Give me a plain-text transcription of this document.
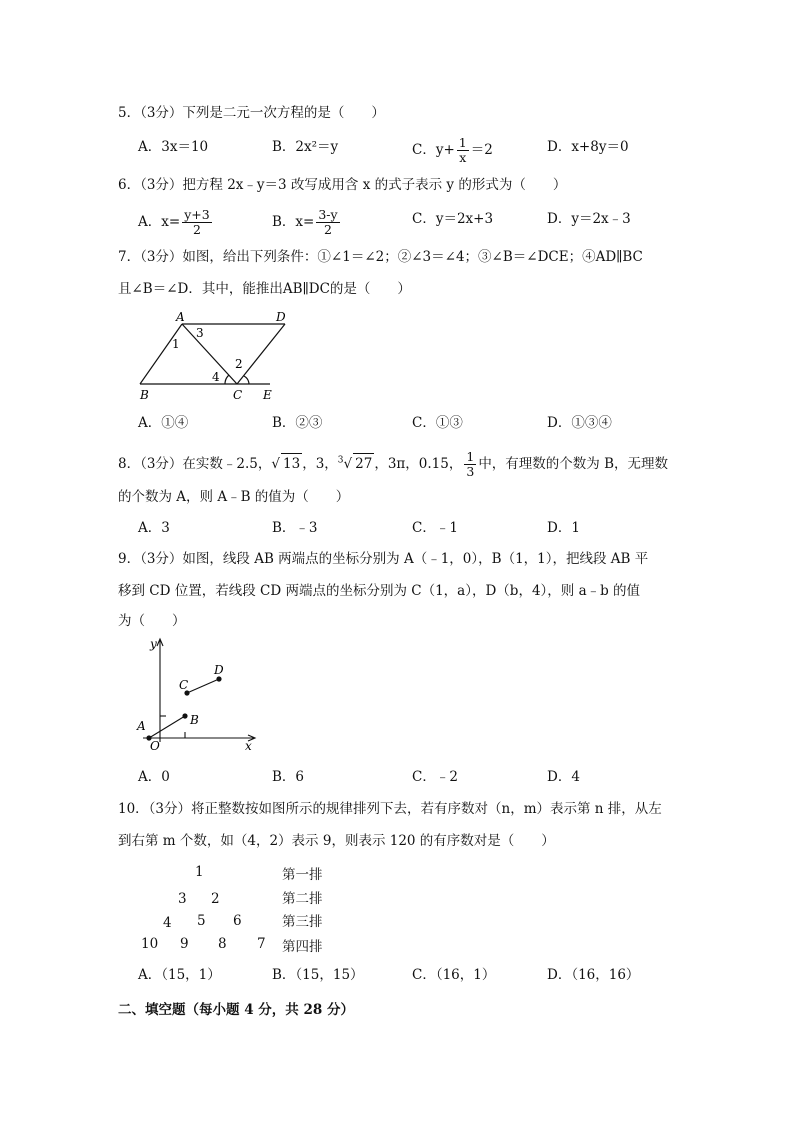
5．（3分）下列是二元一次方程的是（　　）
A．3x＝10	B．2x²＝y	C．$y+ \frac{1}{x} =2$	D．x+8y＝0
6．（3分）把方程 2x﹣y＝3 改写成用含 x 的式子表示 y 的形式为（　　）
A．$x= \frac{y+3}{2}$	B．$x= \frac{3-y}{2}$	C．y＝2x+3	D．y＝2x﹣3
7．（3分）如图，给出下列条件：①∠1＝∠2；②∠3＝∠4；③∠B＝∠DCE；④AD∥BC
且∠B＝∠D．其中，能推出AB∥DC的是（　　）
A	D
B	C E
1
2
3
4
A．①④	B．②③	C．①③	D．①③④
8．（3分）在实数﹣2.5，√ 13 ，3，$^3$√ 27 ，3π，0.15， $\frac{1}{3}$ 中，有理数的个数为 B，无理数
的个数为 A，则 A﹣B 的值为（　　）
A．3	B．﹣3	C．﹣1	D．1
9．（3分）如图，线段 AB 两端点的坐标分别为 A（﹣1，0），B（1，1），把线段 AB 平
移到 CD 位置，若线段 CD 两端点的坐标分别为 C（1，a），D（b，4），则 a﹣b 的值
为（　　）
y
x
O
A	B
C
D
A．0	B．6	C．﹣2	D．4
10．（3分）将正整数按如图所示的规律排列下去，若有序数对（n，m）表示第 n 排，从左
到右第 m 个数，如（4，2）表示 9，则表示 120 的有序数对是（　　）
1
3 2
4 5 6
10 9 8 7
第一排
第二排
第三排
第四排
A．（15，1）	B．（15，15）	C．（16，1）	D．（16，16）
二、填空题（每小题 4 分，共 28 分）
